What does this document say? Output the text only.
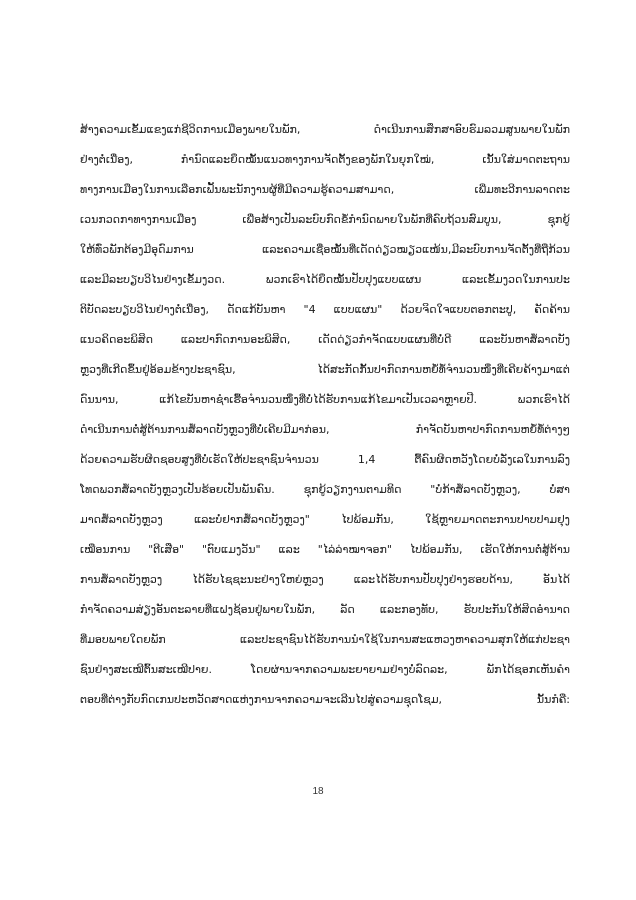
ສ້າງຄວາມເຂັ້ມແຂງແກ່ຊີວິດການເມືອງພາຍໃນພັກ, ດຳເນີນການສຶກສາອົບຮົມລວມສູນພາຍໃນພັກ
ຢ່າງຕໍ່ເນື່ອງ, ກຳນົດແລະຍຶດໝັ້ນແນວທາງການຈັດຕັ້ງຂອງພັກໃນຍຸກໃໝ່, ເນັ້ນໃສ່ມາດຕະຖານ
ທາງການເມືອງໃນການເລືອກເຟັ້ນພະນັກງານຜູ້ທີ່ມີຄວາມຮູ້ຄວາມສາມາດ, ເພີ່ມທະວີການລາດຕະ
ເວນກວດກາທາງການເມືອງ ເພື່ອສ້າງເປັນລະບົບກົດຂໍ້ກຳນົດພາຍໃນພັກທີ່ຄົບຖ້ວນສົມບູນ, ຊຸກຍູ້
ໃຫ້ທົ່ວພັກຕ້ອງມີອຸດົມການ ແລະຄວາມເຊື່ອໝັ້ນທີ່ເດັດດ່ຽວໝຽວແໜ້ນ,ມີລະບົບການຈັດຕັ້ງທີ່ຖືກ້ວນ
ແລະມີລະບຽບວິໄນຢ່າງເຂັ້ມງວດ. ພວກເຮົາໄດ້ຍຶດໝັ້ນປັບປຸງແບບແຜນ ແລະເຂັ້ມງວດໃນການປະ
ຕິບັດລະບຽບວິໄນຢ່າງຕໍ່ເນື່ອງ, ດັດແກ້ບັນຫາ "4 ແບບແຜນ" ດ້ວຍຈິດໃຈແບບຕອກຕະປູ, ຄັດຄ້ານ
ແນວຄິດອະພິສິດ ແລະປາກົດການອະພິສິດ, ເດັດດ່ຽວກຳຈັດແບບແຜນທີ່ບໍ່ດີ ແລະບັນຫາສໍ້ລາດບັງ
ຫຼວງທີ່ເກີດຂຶ້ນຢູ່ອ້ອມຂ້າງປະຊາຊົນ, ໄດ້ສະກັດກັ້ນປາກົດການຫຍໍ້ທໍ້ຈຳນວນໜຶ່ງທີ່ເຄີຍຄ້າງມາແຕ່
ດົນນານ, ແກ້ໄຂບັນຫາຊຳເຮື້ອຈຳນວນໜຶ່ງທີ່ບໍ່ໄດ້ຮັບການແກ້ໄຂມາເປັນເວລາຫຼາຍປີ. ພວກເຮົາໄດ້
ດຳເນີນການຕໍ່ສູ້ຕ້ານການສໍ້ລາດບັງຫຼວງທີ່ບໍ່ເຄີຍມີມາກ່ອນ, ກຳຈັດບັນຫາປາກົດການຫຍໍ້ທໍ້ຕ່າງໆ
ດ້ວຍຄວາມຮັບຜິດຊອບສູງທີ່ບໍ່ເຮັດໃຫ້ປະຊາຊົນຈຳນວນ 1,4 ຕື້ຄົນຜິດຫວັງໂດຍບໍ່ລັ່ງເລໃນການລົງ
ໂທດພວກສໍ້ລາດບັງຫຼວງເປັນຮ້ອຍເປັນພັນຄົນ. ຊຸກຍູ້ວຽກງານຕາມທິດ "ບໍ່ກ້າສໍ້ລາດບັງຫຼວງ, ບໍ່ສາ
ມາດສໍ້ລາດບັງຫຼວງ ແລະບໍ່ຢາກສໍ້ລາດບັງຫຼວງ" ໄປພ້ອມກັນ, ໃຊ້ຫຼາຍມາດຕະການປາບປາມຢຸງ
ເໝືອນການ "ຕີເສືອ" "ຕົບແມງວັນ" ແລະ "ໄລ່ລ່າໝາຈອກ" ໄປພ້ອມກັນ, ເຮັດໃຫ້ການຕໍ່ສູ້ຕ້ານ
ການສໍ້ລາດບັງຫຼວງ ໄດ້ຮັບໄຊຊະນະຢ່າງໃຫຍ່ຫຼວງ ແລະໄດ້ຮັບການປັບປຸງຢ່າງຮອບດ້ານ, ອັນໄດ້
ກຳຈັດຄວາມສ່ຽງອັນຕະລາຍທີ່ແຝງຊ້ອນຢູ່ພາຍໃນພັກ, ລັດ ແລະກອງທັບ, ຮັບປະກັນໃຫ້ສິດອຳນາດ
ທີ່ມອບພາຍໃດຍພັກ ແລະປະຊາຊົນໄດ້ຮັບການນຳໃຊ້ໃນການສະແຫວງຫາຄວາມສຸກໃຫ້ແກ່ປະຊາ
ຊົນຢ່າງສະເໝີຕົ້ນສະເໝີປາຍ. ໂດຍຜ່ານຈາກຄວາມພະຍາຍາມຢ່າງບໍ່ລົດລະ, ພັກໄດ້ຊອກເຫັນຄຳ
ຕອບທີ່ຕ່າງກັບກົດເກນປະຫວັດສາດແຫ່ງການຈາກຄວາມຈະເລີນໄປສູ່ຄວາມຊຸດໂຊມ, ນັ້ນກໍຄື:
18
